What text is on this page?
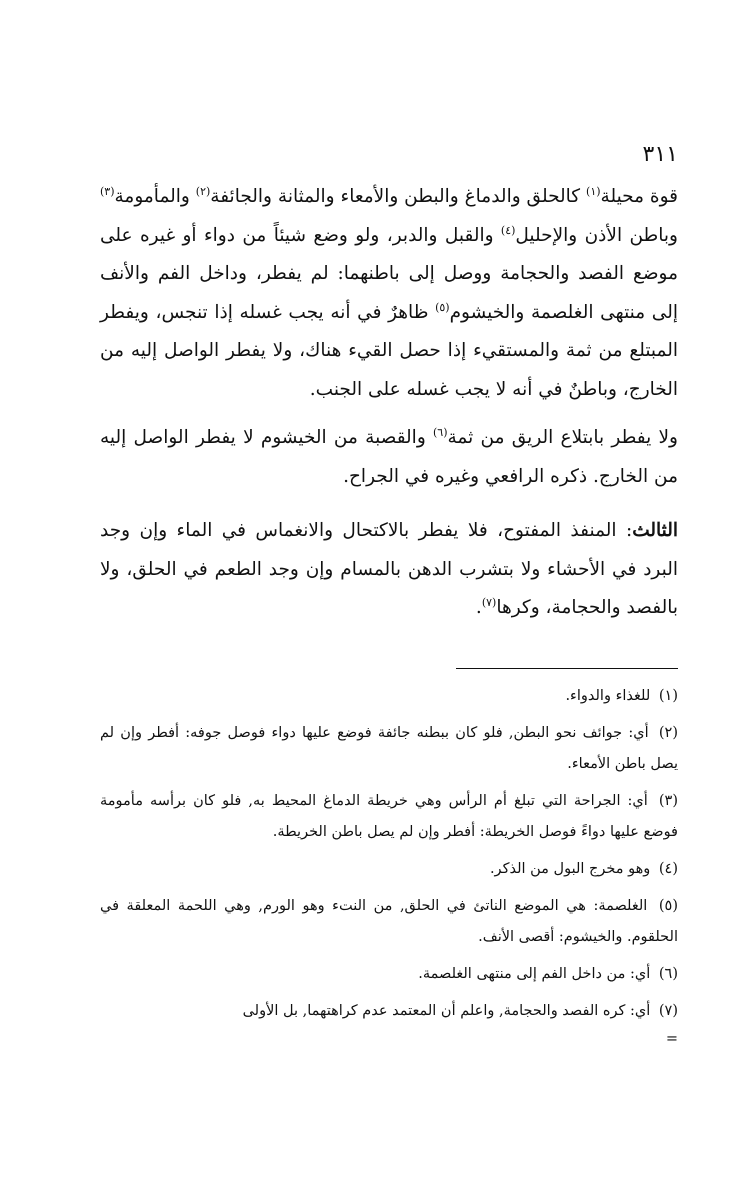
٣١١

قوة محيلة$^{(١)}$ كالحلق والدماغ والبطن والأمعاء والمثانة والجائفة$^{(٢)}$ والمأمومة$^{(٣)}$ وباطن الأذن والإحليل$^{(٤)}$ والقبل والدبر، ولو وضع شيئاً من دواء أو غيره على موضع الفصد والحجامة ووصل إلى باطنهما: لم يفطر، وداخل الفم والأنف إلى منتهى الغلصمة والخيشوم$^{(٥)}$ ظاهرٌ في أنه يجب غسله إذا تنجس، ويفطر المبتلع من ثمة والمستقيء إذا حصل القيء هناك، ولا يفطر الواصل إليه من الخارج، وباطنٌ في أنه لا يجب غسله على الجنب.

ولا يفطر بابتلاع الريق من ثمة$^{(٦)}$ والقصبة من الخيشوم لا يفطر الواصل إليه من الخارج. ذكره الرافعي وغيره في الجراح.

الثالث: المنفذ المفتوح، فلا يفطر بالاكتحال والانغماس في الماء وإن وجد البرد في الأحشاء ولا بتشرب الدهن بالمسام وإن وجد الطعم في الحلق، ولا بالفصد والحجامة، وكرها$^{(٧)}$.

(١) للغذاء والدواء.
(٢) أي: جوائف نحو البطن, فلو كان ببطنه جائفة فوضع عليها دواء فوصل جوفه: أفطر وإن لم يصل باطن الأمعاء.
(٣) أي: الجراحة التي تبلغ أم الرأس وهي خريطة الدماغ المحيط به, فلو كان برأسه مأمومة فوضع عليها دواءً فوصل الخريطة: أفطر وإن لم يصل باطن الخريطة.
(٤) وهو مخرج البول من الذكر.
(٥) الغلصمة: هي الموضع الناتئ في الحلق, من النتء وهو الورم, وهي اللحمة المعلقة في الحلقوم. والخيشوم: أقصى الأنف.
(٦) أي: من داخل الفم إلى منتهى الغلصمة.
(٧) أي: كره الفصد والحجامة, واعلم أن المعتمد عدم كراهتهما, بل الأولى
=
